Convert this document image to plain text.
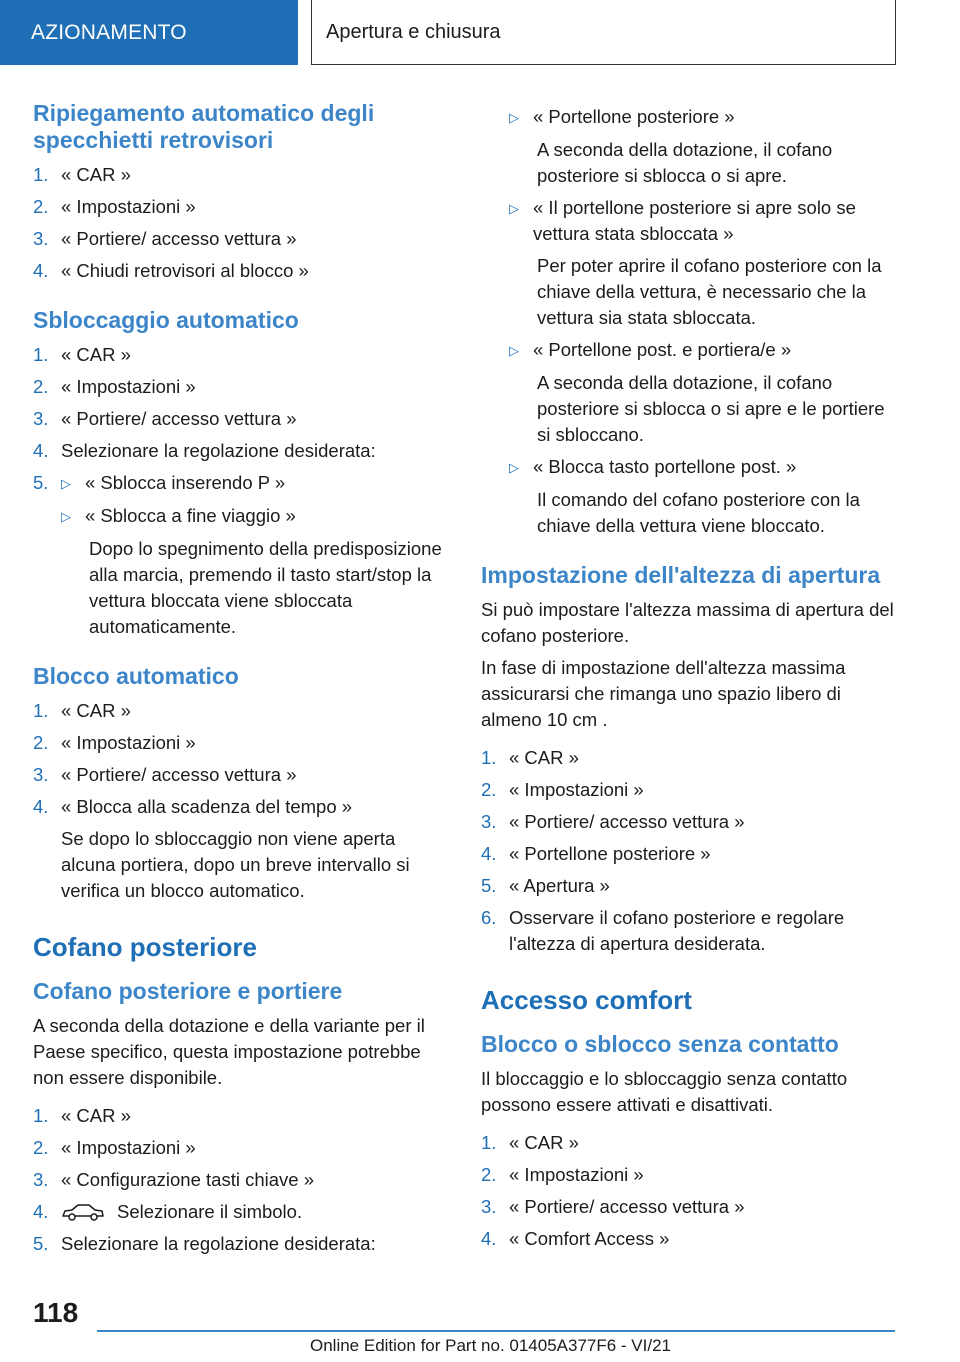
AZIONAMENTO	Apertura e chiusura
Ripiegamento automatico degli specchietti retrovisori
1. « CAR »
2. « Impostazioni »
3. « Portiere/ accesso vettura »
4. « Chiudi retrovisori al blocco »
Sbloccaggio automatico
1. « CAR »
2. « Impostazioni »
3. « Portiere/ accesso vettura »
4. Selezionare la regolazione desiderata:
5. ▷ « Sblocca inserendo P »
▷ « Sblocca a fine viaggio »
Dopo lo spegnimento della predisposizione alla marcia, premendo il tasto start/stop la vettura bloccata viene sbloccata automaticamente.
Blocco automatico
1. « CAR »
2. « Impostazioni »
3. « Portiere/ accesso vettura »
4. « Blocca alla scadenza del tempo »
Se dopo lo sbloccaggio non viene aperta alcuna portiera, dopo un breve intervallo si verifica un blocco automatico.
Cofano posteriore
Cofano posteriore e portiere
A seconda della dotazione e della variante per il Paese specifico, questa impostazione potrebbe non essere disponibile.
1. « CAR »
2. « Impostazioni »
3. « Configurazione tasti chiave »
4.	Selezionare il simbolo.
5. Selezionare la regolazione desiderata:
▷ « Portellone posteriore »
A seconda della dotazione, il cofano posteriore si sblocca o si apre.
▷ « Il portellone posteriore si apre solo se vettura stata sbloccata »
Per poter aprire il cofano posteriore con la chiave della vettura, è necessario che la vettura sia stata sbloccata.
▷ « Portellone post. e portiera/e »
A seconda della dotazione, il cofano posteriore si sblocca o si apre e le portiere si sbloccano.
▷ « Blocca tasto portellone post. »
Il comando del cofano posteriore con la chiave della vettura viene bloccato.
Impostazione dell'altezza di apertura
Si può impostare l'altezza massima di apertura del cofano posteriore.
In fase di impostazione dell'altezza massima assicurarsi che rimanga uno spazio libero di almeno 10 cm .
1. « CAR »
2. « Impostazioni »
3. « Portiere/ accesso vettura »
4. « Portellone posteriore »
5. « Apertura »
6. Osservare il cofano posteriore e regolare l'altezza di apertura desiderata.
Accesso comfort
Blocco o sblocco senza contatto
Il bloccaggio e lo sbloccaggio senza contatto possono essere attivati e disattivati.
1. « CAR »
2. « Impostazioni »
3. « Portiere/ accesso vettura »
4. « Comfort Access »
118
Online Edition for Part no. 01405A377F6 - VI/21
